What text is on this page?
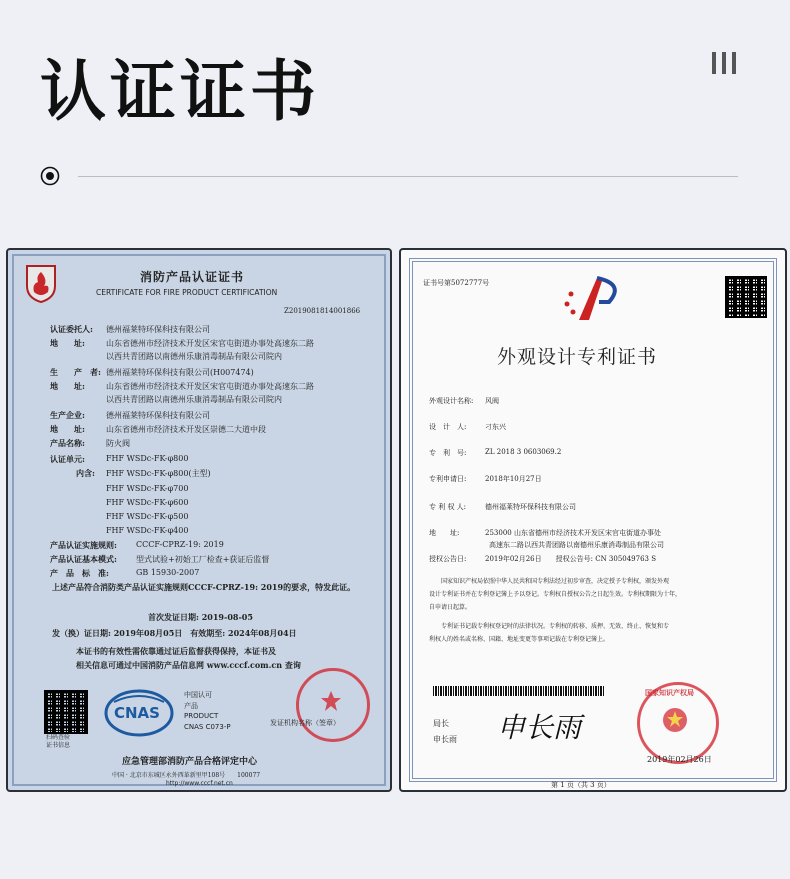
认证证书
消防产品认证证书
CERTIFICATE FOR FIRE PRODUCT CERTIFICATION
Z2019081814001866
认证委托人: 德州福莱特环保科技有限公司
地　　址:	山东省德州市经济技术开发区宋官屯街道办事处高速东二路
以西共青团路以南德州乐康消毒制品有限公司院内
生　　产　者: 德州福莱特环保科技有限公司(H007474)
地　　址:	山东省德州市经济技术开发区宋官屯街道办事处高速东二路
以西共青团路以南德州乐康消毒制品有限公司院内
生产企业:	德州福莱特环保科技有限公司
地　　址:	山东省德州市经济技术开发区崇德二大道中段
产品名称:	防火阀
认证单元:	FHF WSDc-FK-φ800
内含: FHF WSDc-FK-φ800(主型)
FHF WSDc-FK-φ700
FHF WSDc-FK-φ600
FHF WSDc-FK-φ500
FHF WSDc-FK-φ400
产品认证实施规则: CCCF-CPRZ-19: 2019
产品认证基本模式: 型式试验+初始工厂检查+获证后监督
产　品　标　准:	GB 15930-2007
上述产品符合消防类产品认证实施规则CCCF-CPRZ-19: 2019的要求，特发此证。
首次发证日期: 2019-08-05
发（换）证日期: 2019年08月05日　有效期至: 2024年08月04日
本证书的有效性需依靠通过证后监督获得保持，本证书及
相关信息可通过中国消防产品信息网 www.cccf.com.cn 查询
扫码查验
证书信息
CNAS
中国认可
产品
PRODUCT
CNAS C073-P	发证机构名称（签章）
应急管理部消防产品合格评定中心
中国 · 北京市东城区永外西革新里甲108号　　100077
http://www.cccf.net.cn
证书号第5072777号
外观设计专利证书
外观设计名称: 风阀
设　计　人:	刁东兴
专　利　号:	ZL 2018 3 0603069.2
专利申请日:	2018年10月27日
专 利 权 人:	德州福莱特环保科技有限公司
地　　址:	253000 山东省德州市经济技术开发区宋官屯街道办事处
高速东二路以西共青团路以南德州乐康消毒制品有限公司
授权公告日:	2019年02月26日　　授权公告号: CN 305049763 S
国家知识产权局依照中华人民共和国专利法经过初步审查，决定授予专利权，颁发外观
设计专利证书并在专利登记簿上予以登记。专利权自授权公告之日起生效。专利权期限为十年，
自申请日起算。
专利证书记载专利权登记时的法律状况。专利权的转移、质押、无效、终止、恢复和专
利权人的姓名或名称、国籍、地址变更等事项记载在专利登记簿上。
局长
申长雨 申长雨
国家知识产权局
2019年02月26日
第 1 页（共 3 页）
